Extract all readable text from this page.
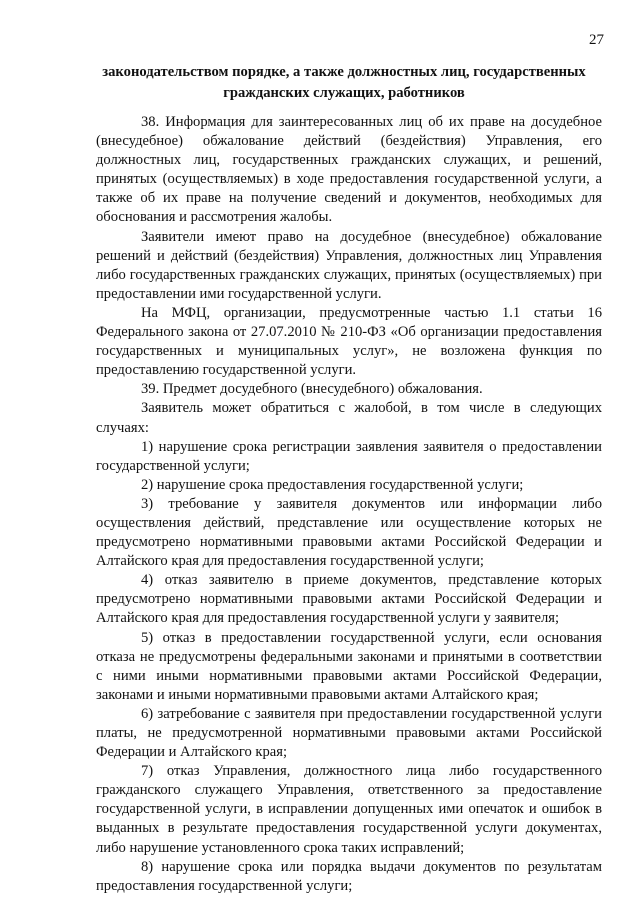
27
законодательством порядке, а также должностных лиц, государственных
гражданских служащих, работников

38. Информация для заинтересованных лиц об их праве на досудебное (внесудебное) обжалование действий (бездействия) Управления, его должностных лиц, государственных гражданских служащих, и решений, принятых (осуществляемых) в ходе предоставления государственной услуги, а также об их праве на получение сведений и документов, необходимых для обоснования и рассмотрения жалобы.

Заявители имеют право на досудебное (внесудебное) обжалование решений и действий (бездействия) Управления, должностных лиц Управления либо государственных гражданских служащих, принятых (осуществляемых) при предоставлении ими государственной услуги.

На МФЦ, организации, предусмотренные частью 1.1 статьи 16 Федерального закона от 27.07.2010 № 210-ФЗ «Об организации предоставления государственных и муниципальных услуг», не возложена функция по предоставлению государственной услуги.

39. Предмет досудебного (внесудебного) обжалования.

Заявитель может обратиться с жалобой, в том числе в следующих случаях:

1) нарушение срока регистрации заявления заявителя о предоставлении государственной услуги;

2) нарушение срока предоставления государственной услуги;

3) требование у заявителя документов или информации либо осуществления действий, представление или осуществление которых не предусмотрено нормативными правовыми актами Российской Федерации и Алтайского края для предоставления государственной услуги;

4) отказ заявителю в приеме документов, представление которых предусмотрено нормативными правовыми актами Российской Федерации и Алтайского края для предоставления государственной услуги у заявителя;

5) отказ в предоставлении государственной услуги, если основания отказа не предусмотрены федеральными законами и принятыми в соответствии с ними иными нормативными правовыми актами Российской Федерации, законами и иными нормативными правовыми актами Алтайского края;

6) затребование с заявителя при предоставлении государственной услуги платы, не предусмотренной нормативными правовыми актами Российской Федерации и Алтайского края;

7) отказ Управления, должностного лица либо государственного гражданского служащего Управления, ответственного за предоставление государственной услуги, в исправлении допущенных ими опечаток и ошибок в выданных в результате предоставления государственной услуги документах, либо нарушение установленного срока таких исправлений;

8) нарушение срока или порядка выдачи документов по результатам предоставления государственной услуги;
